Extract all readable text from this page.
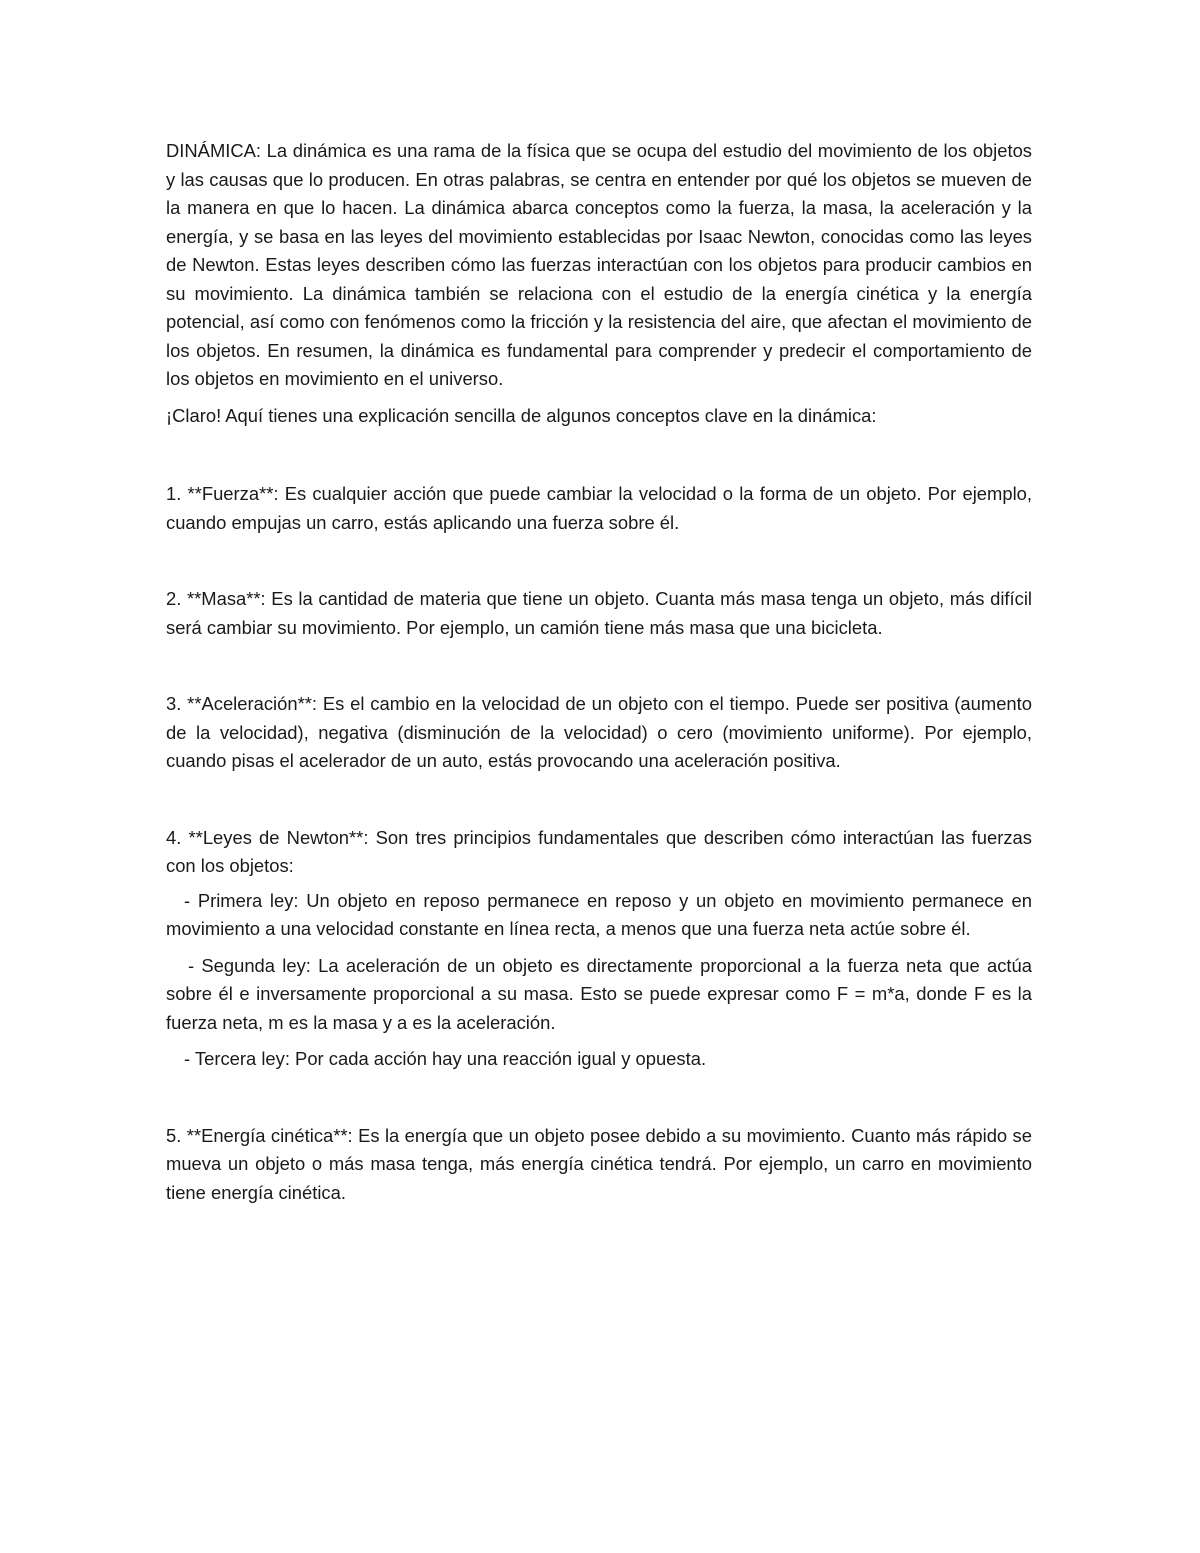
DINÁMICA: La dinámica es una rama de la física que se ocupa del estudio del movimiento de los objetos y las causas que lo producen. En otras palabras, se centra en entender por qué los objetos se mueven de la manera en que lo hacen. La dinámica abarca conceptos como la fuerza, la masa, la aceleración y la energía, y se basa en las leyes del movimiento establecidas por Isaac Newton, conocidas como las leyes de Newton. Estas leyes describen cómo las fuerzas interactúan con los objetos para producir cambios en su movimiento. La dinámica también se relaciona con el estudio de la energía cinética y la energía potencial, así como con fenómenos como la fricción y la resistencia del aire, que afectan el movimiento de los objetos. En resumen, la dinámica es fundamental para comprender y predecir el comportamiento de los objetos en movimiento en el universo.

¡Claro! Aquí tienes una explicación sencilla de algunos conceptos clave en la dinámica:

1. **Fuerza**: Es cualquier acción que puede cambiar la velocidad o la forma de un objeto. Por ejemplo, cuando empujas un carro, estás aplicando una fuerza sobre él.

2. **Masa**: Es la cantidad de materia que tiene un objeto. Cuanta más masa tenga un objeto, más difícil será cambiar su movimiento. Por ejemplo, un camión tiene más masa que una bicicleta.

3. **Aceleración**: Es el cambio en la velocidad de un objeto con el tiempo. Puede ser positiva (aumento de la velocidad), negativa (disminución de la velocidad) o cero (movimiento uniforme). Por ejemplo, cuando pisas el acelerador de un auto, estás provocando una aceleración positiva.

4. **Leyes de Newton**: Son tres principios fundamentales que describen cómo interactúan las fuerzas con los objetos:

- Primera ley: Un objeto en reposo permanece en reposo y un objeto en movimiento permanece en movimiento a una velocidad constante en línea recta, a menos que una fuerza neta actúe sobre él.

- Segunda ley: La aceleración de un objeto es directamente proporcional a la fuerza neta que actúa sobre él e inversamente proporcional a su masa. Esto se puede expresar como F = m*a, donde F es la fuerza neta, m es la masa y a es la aceleración.

- Tercera ley: Por cada acción hay una reacción igual y opuesta.

5. **Energía cinética**: Es la energía que un objeto posee debido a su movimiento. Cuanto más rápido se mueva un objeto o más masa tenga, más energía cinética tendrá. Por ejemplo, un carro en movimiento tiene energía cinética.
